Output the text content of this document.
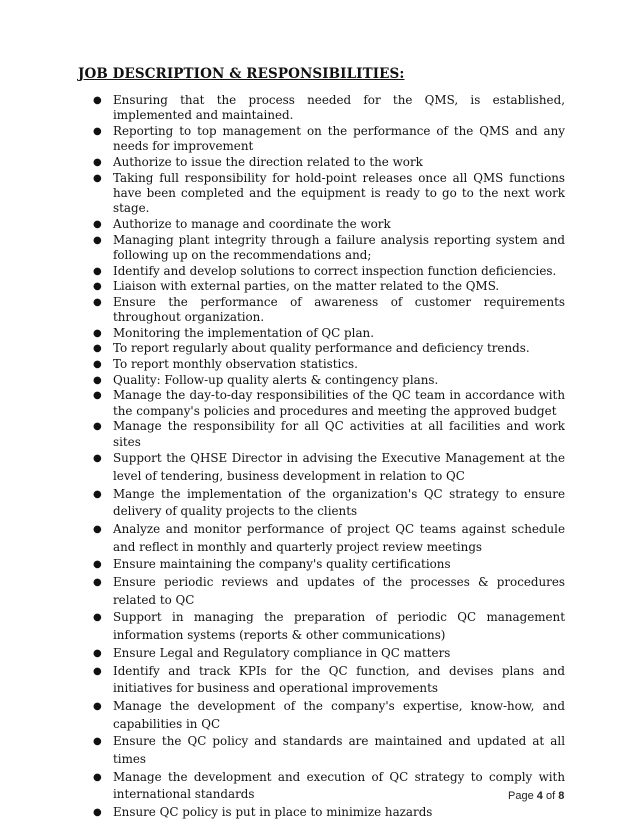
JOB DESCRIPTION & RESPONSIBILITIES:
● Ensuring that the process needed for the QMS, is established, implemented and maintained.
● Reporting to top management on the performance of the QMS and any needs for improvement
● Authorize to issue the direction related to the work
● Taking full responsibility for hold-point releases once all QMS functions have been completed and the equipment is ready to go to the next work stage.
● Authorize to manage and coordinate the work
● Managing plant integrity through a failure analysis reporting system and following up on the recommendations and;
● Identify and develop solutions to correct inspection function deficiencies.
● Liaison with external parties, on the matter related to the QMS.
● Ensure the performance of awareness of customer requirements throughout organization.
● Monitoring the implementation of QC plan.
● To report regularly about quality performance and deficiency trends.
● To report monthly observation statistics.
● Quality: Follow-up quality alerts & contingency plans.
● Manage the day-to-day responsibilities of the QC team in accordance with the company's policies and procedures and meeting the approved budget
● Manage the responsibility for all QC activities at all facilities and work sites
● Support the QHSE Director in advising the Executive Management at the level of tendering, business development in relation to QC
● Mange the implementation of the organization's QC strategy to ensure delivery of quality projects to the clients
● Analyze and monitor performance of project QC teams against schedule and reflect in monthly and quarterly project review meetings
● Ensure maintaining the company's quality certifications
● Ensure periodic reviews and updates of the processes & procedures related to QC
● Support in managing the preparation of periodic QC management information systems (reports & other communications)
● Ensure Legal and Regulatory compliance in QC matters
● Identify and track KPIs for the QC function, and devises plans and initiatives for business and operational improvements
● Manage the development of the company's expertise, know-how, and capabilities in QC
● Ensure the QC policy and standards are maintained and updated at all times
● Manage the development and execution of QC strategy to comply with international standards
● Ensure QC policy is put in place to minimize hazards
Page 4 of 8
